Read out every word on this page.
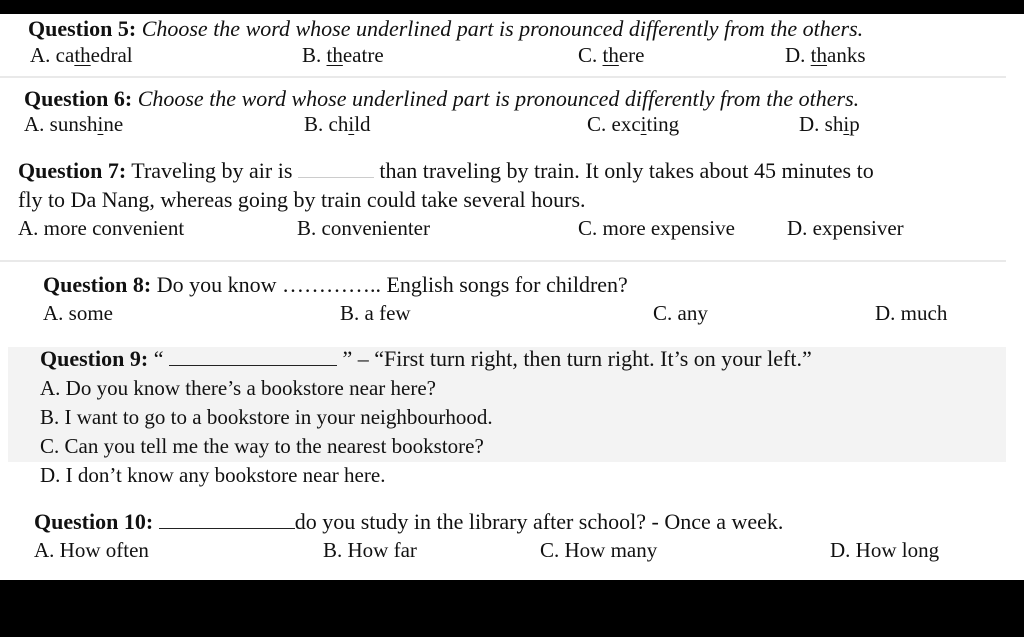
Question 5: Choose the word whose underlined part is pronounced differently from the others.
A. cathedral	B. theatre	C. there	D. thanks
Question 6: Choose the word whose underlined part is pronounced differently from the others.
A. sunshine	B. child	C. exciting	D. ship
Question 7: Traveling by air is	than traveling by train. It only takes about 45 minutes to
fly to Da Nang, whereas going by train could take several hours.
A. more convenient	B. convenienter	C. more expensive D. expensiver
Question 8: Do you know ………….. English songs for children?
A. some	B. a few	C. any	D. much
Question 9: “	” – “First turn right, then turn right. It’s on your left.”
A. Do you know there’s a bookstore near here?
B. I want to go to a bookstore in your neighbourhood.
C. Can you tell me the way to the nearest bookstore?
D. I don’t know any bookstore near here.
Question 10:	do you study in the library after school? - Once a week.
A. How often	B. How far	C. How many	D. How long
